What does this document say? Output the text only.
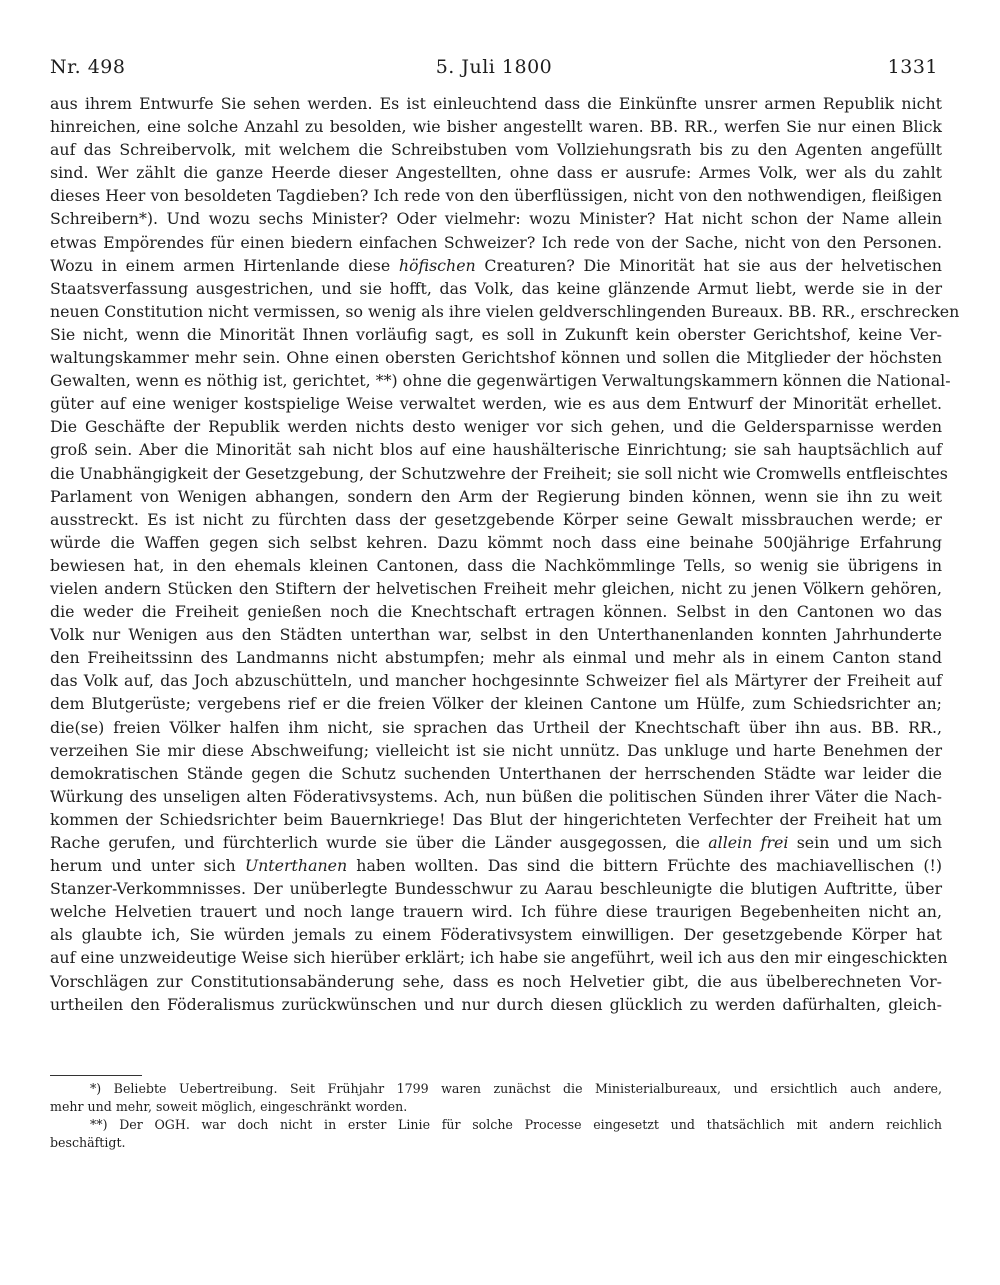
Nr. 498	5. Juli 1800	1331
aus ihrem Entwurfe Sie sehen werden. Es ist einleuchtend dass die Einkünfte unsrer armen Republik nicht
hinreichen, eine solche Anzahl zu besolden, wie bisher angestellt waren. BB. RR., werfen Sie nur einen Blick
auf das Schreibervolk, mit welchem die Schreibstuben vom Vollziehungsrath bis zu den Agenten angefüllt
sind. Wer zählt die ganze Heerde dieser Angestellten, ohne dass er ausrufe: Armes Volk, wer als du zahlt
dieses Heer von besoldeten Tagdieben? Ich rede von den überflüssigen, nicht von den nothwendigen, fleißigen
Schreibern*). Und wozu sechs Minister? Oder vielmehr: wozu Minister? Hat nicht schon der Name allein
etwas Empörendes für einen biedern einfachen Schweizer? Ich rede von der Sache, nicht von den Personen.
Wozu in einem armen Hirtenlande diese höfischen Creaturen? Die Minorität hat sie aus der helvetischen
Staatsverfassung ausgestrichen, und sie hofft, das Volk, das keine glänzende Armut liebt, werde sie in der
neuen Constitution nicht vermissen, so wenig als ihre vielen geldverschlingenden Bureaux. BB. RR., erschrecken
Sie nicht, wenn die Minorität Ihnen vorläufig sagt, es soll in Zukunft kein oberster Gerichtshof, keine Ver-
waltungskammer mehr sein. Ohne einen obersten Gerichtshof können und sollen die Mitglieder der höchsten
Gewalten, wenn es nöthig ist, gerichtet, **) ohne die gegenwärtigen Verwaltungskammern können die National-
güter auf eine weniger kostspielige Weise verwaltet werden, wie es aus dem Entwurf der Minorität erhellet.
Die Geschäfte der Republik werden nichts desto weniger vor sich gehen, und die Geldersparnisse werden
groß sein. Aber die Minorität sah nicht blos auf eine haushälterische Einrichtung; sie sah hauptsächlich auf
die Unabhängigkeit der Gesetzgebung, der Schutzwehre der Freiheit; sie soll nicht wie Cromwells entfleischtes
Parlament von Wenigen abhangen, sondern den Arm der Regierung binden können, wenn sie ihn zu weit
ausstreckt. Es ist nicht zu fürchten dass der gesetzgebende Körper seine Gewalt missbrauchen werde; er
würde die Waffen gegen sich selbst kehren. Dazu kömmt noch dass eine beinahe 500jährige Erfahrung
bewiesen hat, in den ehemals kleinen Cantonen, dass die Nachkömmlinge Tells, so wenig sie übrigens in
vielen andern Stücken den Stiftern der helvetischen Freiheit mehr gleichen, nicht zu jenen Völkern gehören,
die weder die Freiheit genießen noch die Knechtschaft ertragen können. Selbst in den Cantonen wo das
Volk nur Wenigen aus den Städten unterthan war, selbst in den Unterthanenlanden konnten Jahrhunderte
den Freiheitssinn des Landmanns nicht abstumpfen; mehr als einmal und mehr als in einem Canton stand
das Volk auf, das Joch abzuschütteln, und mancher hochgesinnte Schweizer fiel als Märtyrer der Freiheit auf
dem Blutgerüste; vergebens rief er die freien Völker der kleinen Cantone um Hülfe, zum Schiedsrichter an;
die(se) freien Völker halfen ihm nicht, sie sprachen das Urtheil der Knechtschaft über ihn aus. BB. RR.,
verzeihen Sie mir diese Abschweifung; vielleicht ist sie nicht unnütz. Das unkluge und harte Benehmen der
demokratischen Stände gegen die Schutz suchenden Unterthanen der herrschenden Städte war leider die
Würkung des unseligen alten Föderativsystems. Ach, nun büßen die politischen Sünden ihrer Väter die Nach-
kommen der Schiedsrichter beim Bauernkriege! Das Blut der hingerichteten Verfechter der Freiheit hat um
Rache gerufen, und fürchterlich wurde sie über die Länder ausgegossen, die allein frei sein und um sich
herum und unter sich Unterthanen haben wollten. Das sind die bittern Früchte des machiavellischen (!)
Stanzer-Verkommnisses. Der unüberlegte Bundesschwur zu Aarau beschleunigte die blutigen Auftritte, über
welche Helvetien trauert und noch lange trauern wird. Ich führe diese traurigen Begebenheiten nicht an,
als glaubte ich, Sie würden jemals zu einem Föderativsystem einwilligen. Der gesetzgebende Körper hat
auf eine unzweideutige Weise sich hierüber erklärt; ich habe sie angeführt, weil ich aus den mir eingeschickten
Vorschlägen zur Constitutionsabänderung sehe, dass es noch Helvetier gibt, die aus übelberechneten Vor-
urtheilen den Föderalismus zurückwünschen und nur durch diesen glücklich zu werden dafürhalten, gleich-
*) Beliebte Uebertreibung. Seit Frühjahr 1799 waren zunächst die Ministerialbureaux, und ersichtlich auch andere,
mehr und mehr, soweit möglich, eingeschränkt worden.
**) Der OGH. war doch nicht in erster Linie für solche Processe eingesetzt und thatsächlich mit andern reichlich
beschäftigt.
